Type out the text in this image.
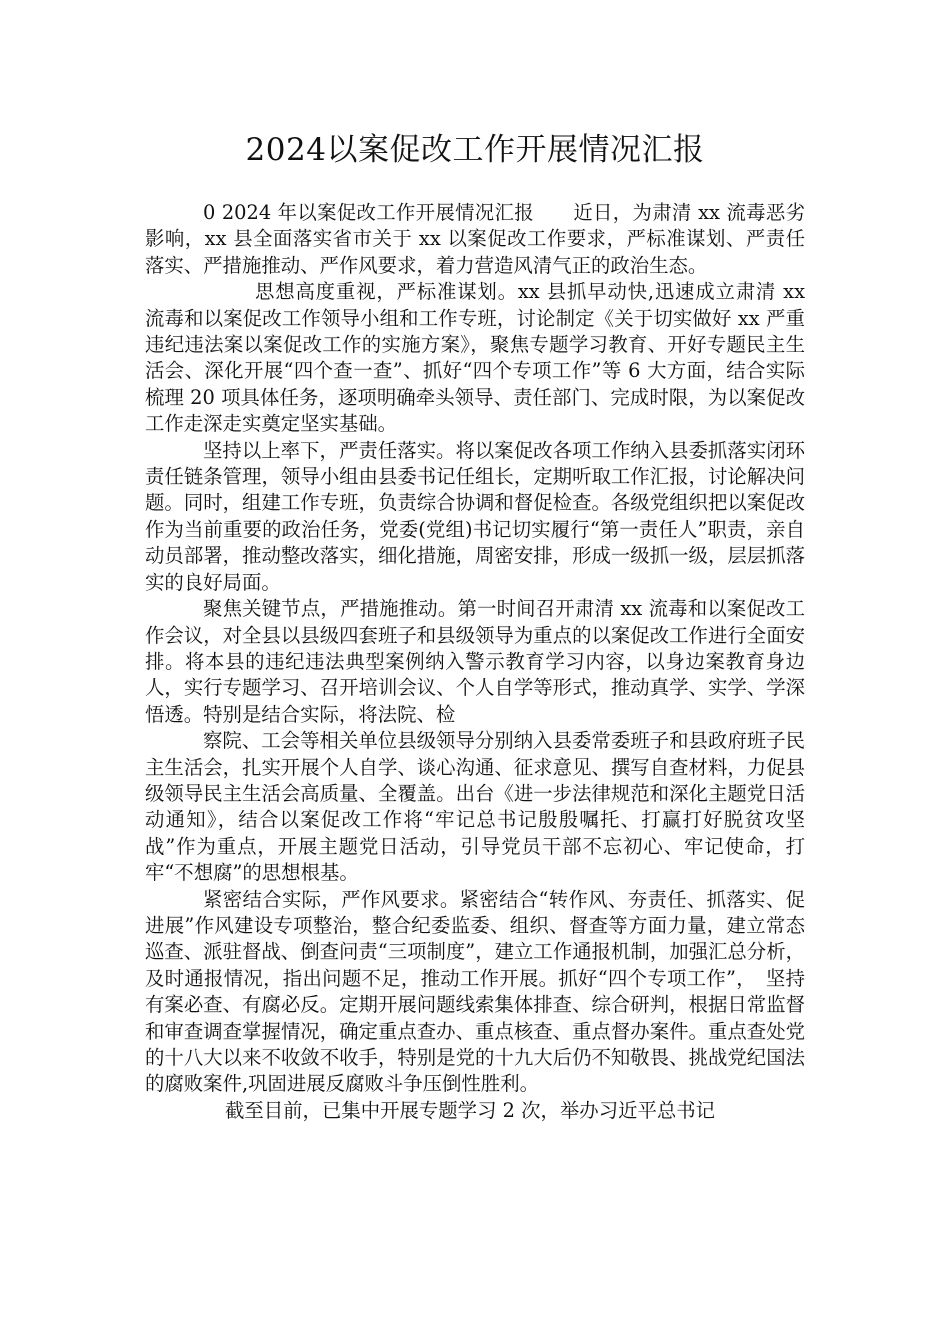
2024以案促改工作开展情况汇报

0 2024 年以案促改工作开展情况汇报　　近日，为肃清 xx 流毒恶劣影响，xx 县全面落实省市关于 xx 以案促改工作要求，严标准谋划、严责任落实、严措施推动、严作风要求，着力营造风清气正的政治生态。

思想高度重视，严标准谋划。xx 县抓早动快,迅速成立肃清 xx 流毒和以案促改工作领导小组和工作专班，讨论制定《关于切实做好 xx 严重违纪违法案以案促改工作的实施方案》，聚焦专题学习教育、开好专题民主生活会、深化开展“四个查一查”、抓好“四个专项工作”等 6 大方面，结合实际梳理 20 项具体任务，逐项明确牵头领导、责任部门、完成时限，为以案促改工作走深走实奠定坚实基础。

坚持以上率下，严责任落实。将以案促改各项工作纳入县委抓落实闭环责任链条管理，领导小组由县委书记任组长，定期听取工作汇报，讨论解决问题。同时，组建工作专班，负责综合协调和督促检查。各级党组织把以案促改作为当前重要的政治任务，党委(党组)书记切实履行“第一责任人”职责，亲自动员部署，推动整改落实，细化措施，周密安排，形成一级抓一级，层层抓落实的良好局面。

聚焦关键节点，严措施推动。第一时间召开肃清 xx 流毒和以案促改工作会议，对全县以县级四套班子和县级领导为重点的以案促改工作进行全面安排。将本县的违纪违法典型案例纳入警示教育学习内容，以身边案教育身边人，实行专题学习、召开培训会议、个人自学等形式，推动真学、实学、学深悟透。特别是结合实际，将法院、检

察院、工会等相关单位县级领导分别纳入县委常委班子和县政府班子民主生活会，扎实开展个人自学、谈心沟通、征求意见、撰写自查材料，力促县级领导民主生活会高质量、全覆盖。出台《进一步法律规范和深化主题党日活动通知》，结合以案促改工作将“牢记总书记殷殷嘱托、打赢打好脱贫攻坚战”作为重点，开展主题党日活动，引导党员干部不忘初心、牢记使命，打牢“不想腐”的思想根基。

紧密结合实际，严作风要求。紧密结合“转作风、夯责任、抓落实、促进展”作风建设专项整治，整合纪委监委、组织、督查等方面力量，建立常态巡查、派驻督战、倒查问责“三项制度”，建立工作通报机制，加强汇总分析，及时通报情况，指出问题不足，推动工作开展。抓好“四个专项工作”，　坚持有案必查、有腐必反。定期开展问题线索集体排查、综合研判，根据日常监督和审查调查掌握情况，确定重点查办、重点核查、重点督办案件。重点查处党的十八大以来不收敛不收手，特别是党的十九大后仍不知敬畏、挑战党纪国法的腐败案件,巩固进展反腐败斗争压倒性胜利。

截至目前，已集中开展专题学习 2 次，举办习近平总书记
